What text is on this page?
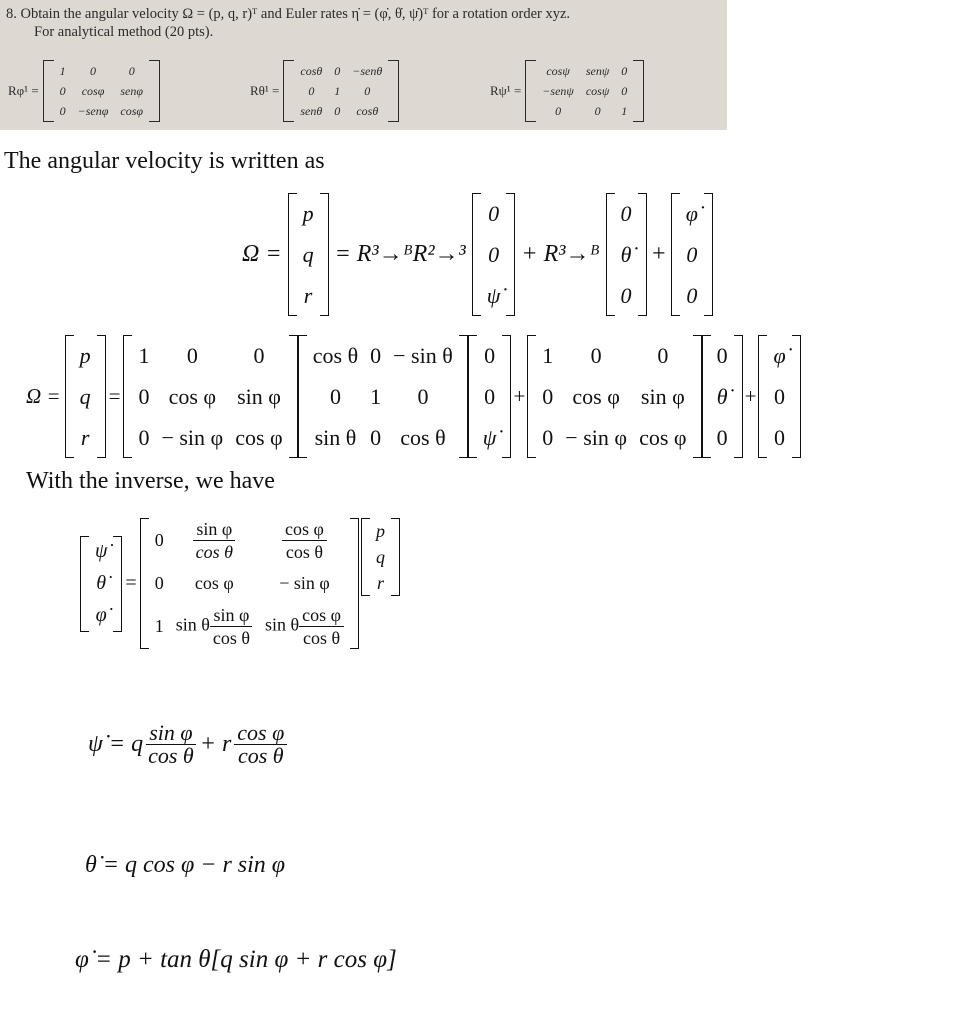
8. Obtain the angular velocity Ω = (p, q, r)ᵀ and Euler rates η̇ = (φ̇, θ̇, ψ̇)ᵀ for a rotation order xyz.
For analytical method (20 pts).
Rφ¹ =
1	0	0
0	cosφ	senφ
0	−senφ	cosφ
Rθ¹ =
cosθ	0	−senθ
0	1	0
senθ	0	cosθ
Rψ¹ =
cosψ	senψ	0
−senψ	cosψ	0
0	0	1
The angular velocity is written as
Ω =
p
q
r
= R³→ᴮR²→³
0
0
ψ̇
+ R³→ᴮ
0
θ̇
0
+
φ̇
0
0
Ω =
p
q
r
=
1	0	0
0	cos φ	sin φ
0	− sin φ	cos φ
cos θ	0	− sin θ
0	1	0
sin θ	0	cos θ
0
0
ψ̇
+
1	0	0
0	cos φ	sin φ
0	− sin φ	cos φ
0
θ̇
0
+
φ̇
0
0
With the inverse, we have
ψ̇
θ̇
φ̇
=
0	$\frac{\text{sin φ}}{\text{cos θ}}$	$\frac{\text{cos φ}}{\text{cos θ}}$

0	cos φ	− sin φ
1	sin θ $\frac{\text{sin φ}}{\text{cos θ}}$	sin θ $\frac{\text{cos φ}}{\text{cos θ}}$
p
q
r
ψ̇ = q $\frac{\text{sin φ}}{\text{cos θ}} + r \frac{\text{cos φ}}{\text{cos θ}}$
θ̇ = q cos φ − r sin φ
φ̇ = p + tan θ[q sin φ + r cos φ]
